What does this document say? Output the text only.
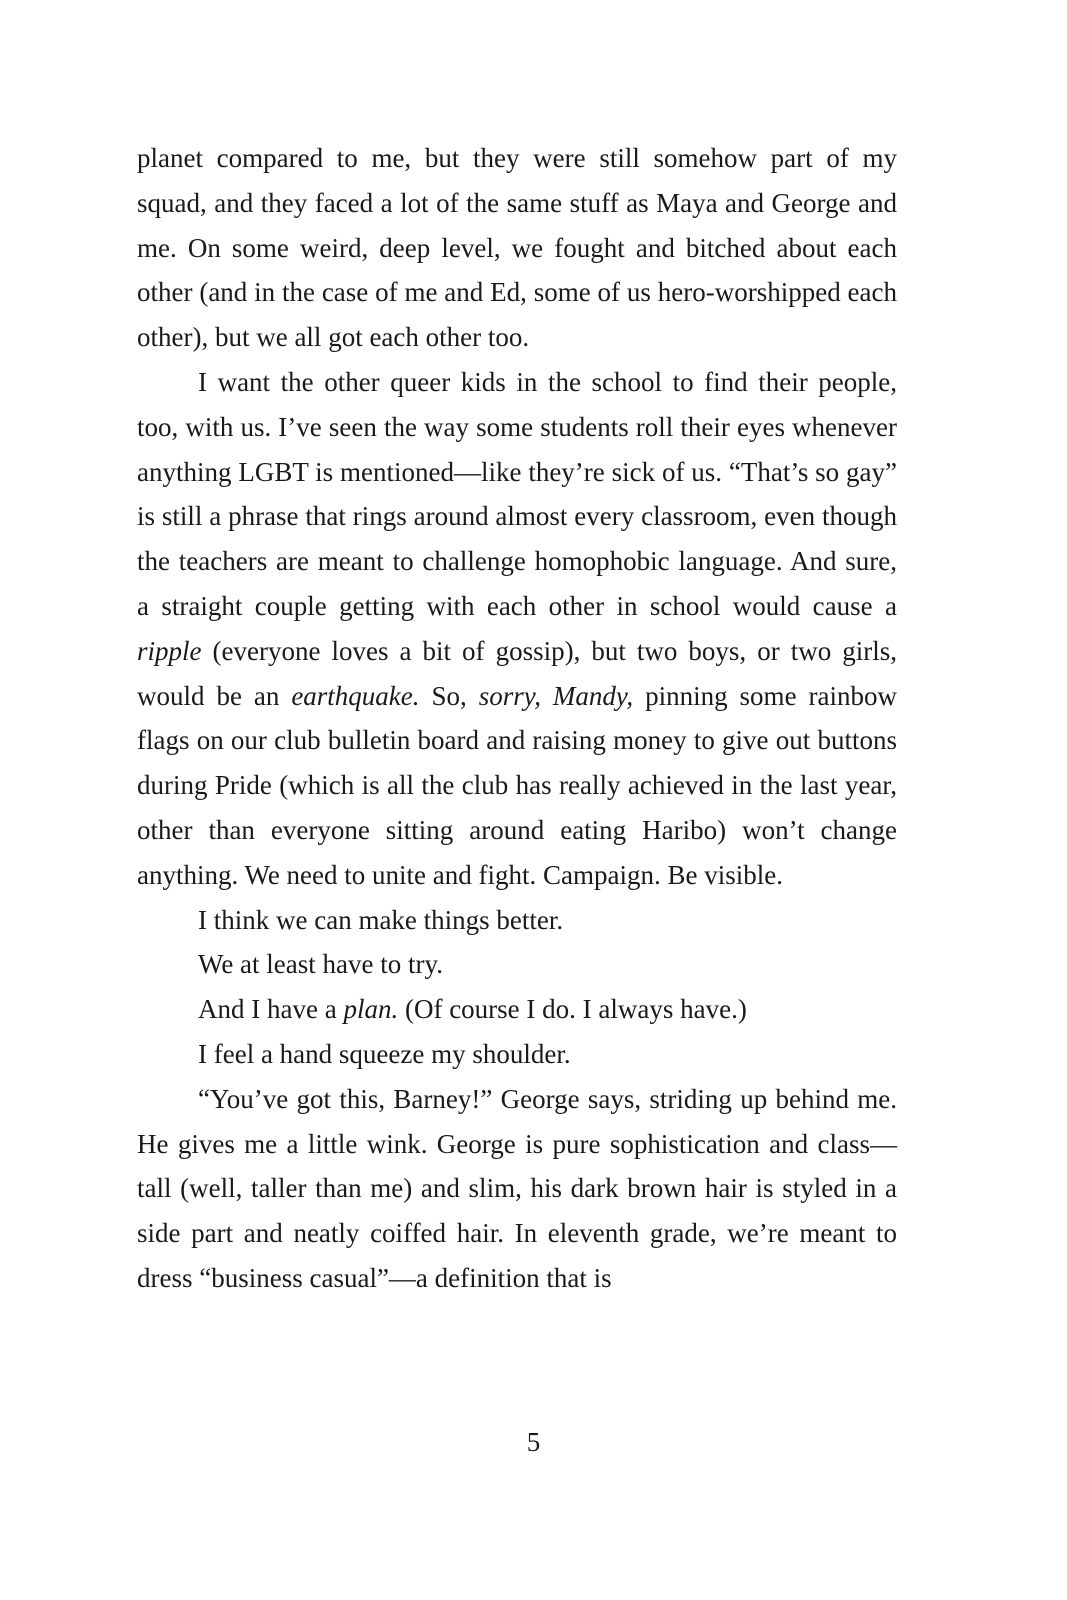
planet compared to me, but they were still somehow part of my squad, and they faced a lot of the same stuff as Maya and George and me. On some weird, deep level, we fought and bitched about each other (and in the case of me and Ed, some of us hero-worshipped each other), but we all got each other too.

I want the other queer kids in the school to find their people, too, with us. I’ve seen the way some students roll their eyes whenever anything LGBT is mentioned—like they’re sick of us. “That’s so gay” is still a phrase that rings around almost every classroom, even though the teachers are meant to challenge homophobic language. And sure, a straight couple getting with each other in school would cause a ripple (everyone loves a bit of gossip), but two boys, or two girls, would be an earthquake. So, sorry, Mandy, pinning some rainbow flags on our club bulletin board and raising money to give out buttons during Pride (which is all the club has really achieved in the last year, other than everyone sitting around eating Haribo) won’t change anything. We need to unite and fight. Campaign. Be visible.

I think we can make things better.

We at least have to try.

And I have a plan. (Of course I do. I always have.)

I feel a hand squeeze my shoulder.

“You’ve got this, Barney!” George says, striding up behind me. He gives me a little wink. George is pure sophistication and class—tall (well, taller than me) and slim, his dark brown hair is styled in a side part and neatly coiffed hair. In eleventh grade, we’re meant to dress “business casual”—a definition that is

5
